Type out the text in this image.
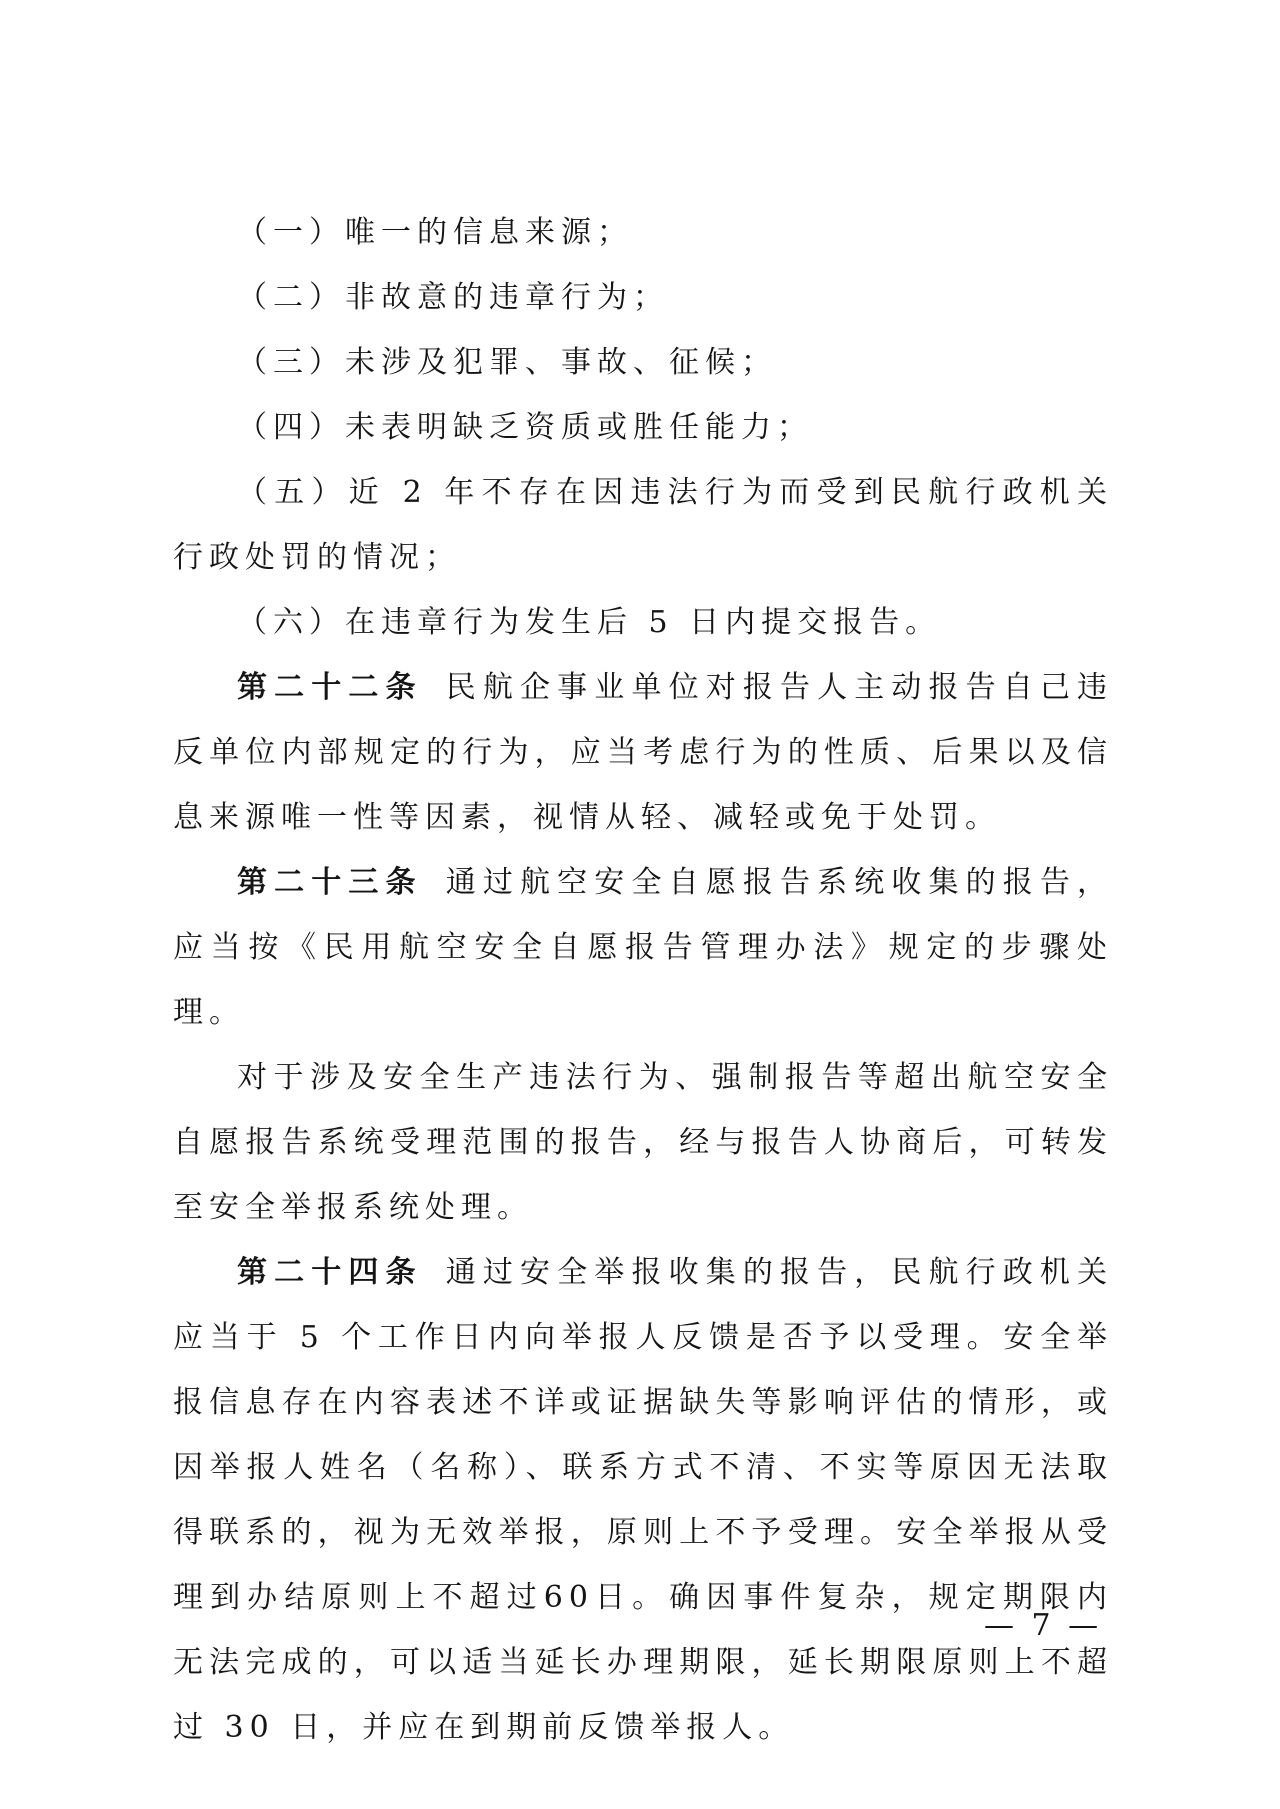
（一）唯一的信息来源；

（二）非故意的违章行为；

（三）未涉及犯罪、事故、征候；

（四）未表明缺乏资质或胜任能力；

（五）近 2 年不存在因违法行为而受到民航行政机关行政处罚的情况；

（六）在违章行为发生后 5 日内提交报告。

第二十二条 民航企事业单位对报告人主动报告自己违反单位内部规定的行为，应当考虑行为的性质、后果以及信息来源唯一性等因素，视情从轻、减轻或免于处罚。

第二十三条 通过航空安全自愿报告系统收集的报告，应当按《民用航空安全自愿报告管理办法》规定的步骤处理。

对于涉及安全生产违法行为、强制报告等超出航空安全自愿报告系统受理范围的报告，经与报告人协商后，可转发至安全举报系统处理。

第二十四条 通过安全举报收集的报告，民航行政机关应当于 5 个工作日内向举报人反馈是否予以受理。安全举报信息存在内容表述不详或证据缺失等影响评估的情形，或因举报人姓名（名称）、联系方式不清、不实等原因无法取得联系的，视为无效举报，原则上不予受理。安全举报从受理到办结原则上不超过60日。确因事件复杂，规定期限内无法完成的，可以适当延长办理期限，延长期限原则上不超过 30 日，并应在到期前反馈举报人。

— 7 —
